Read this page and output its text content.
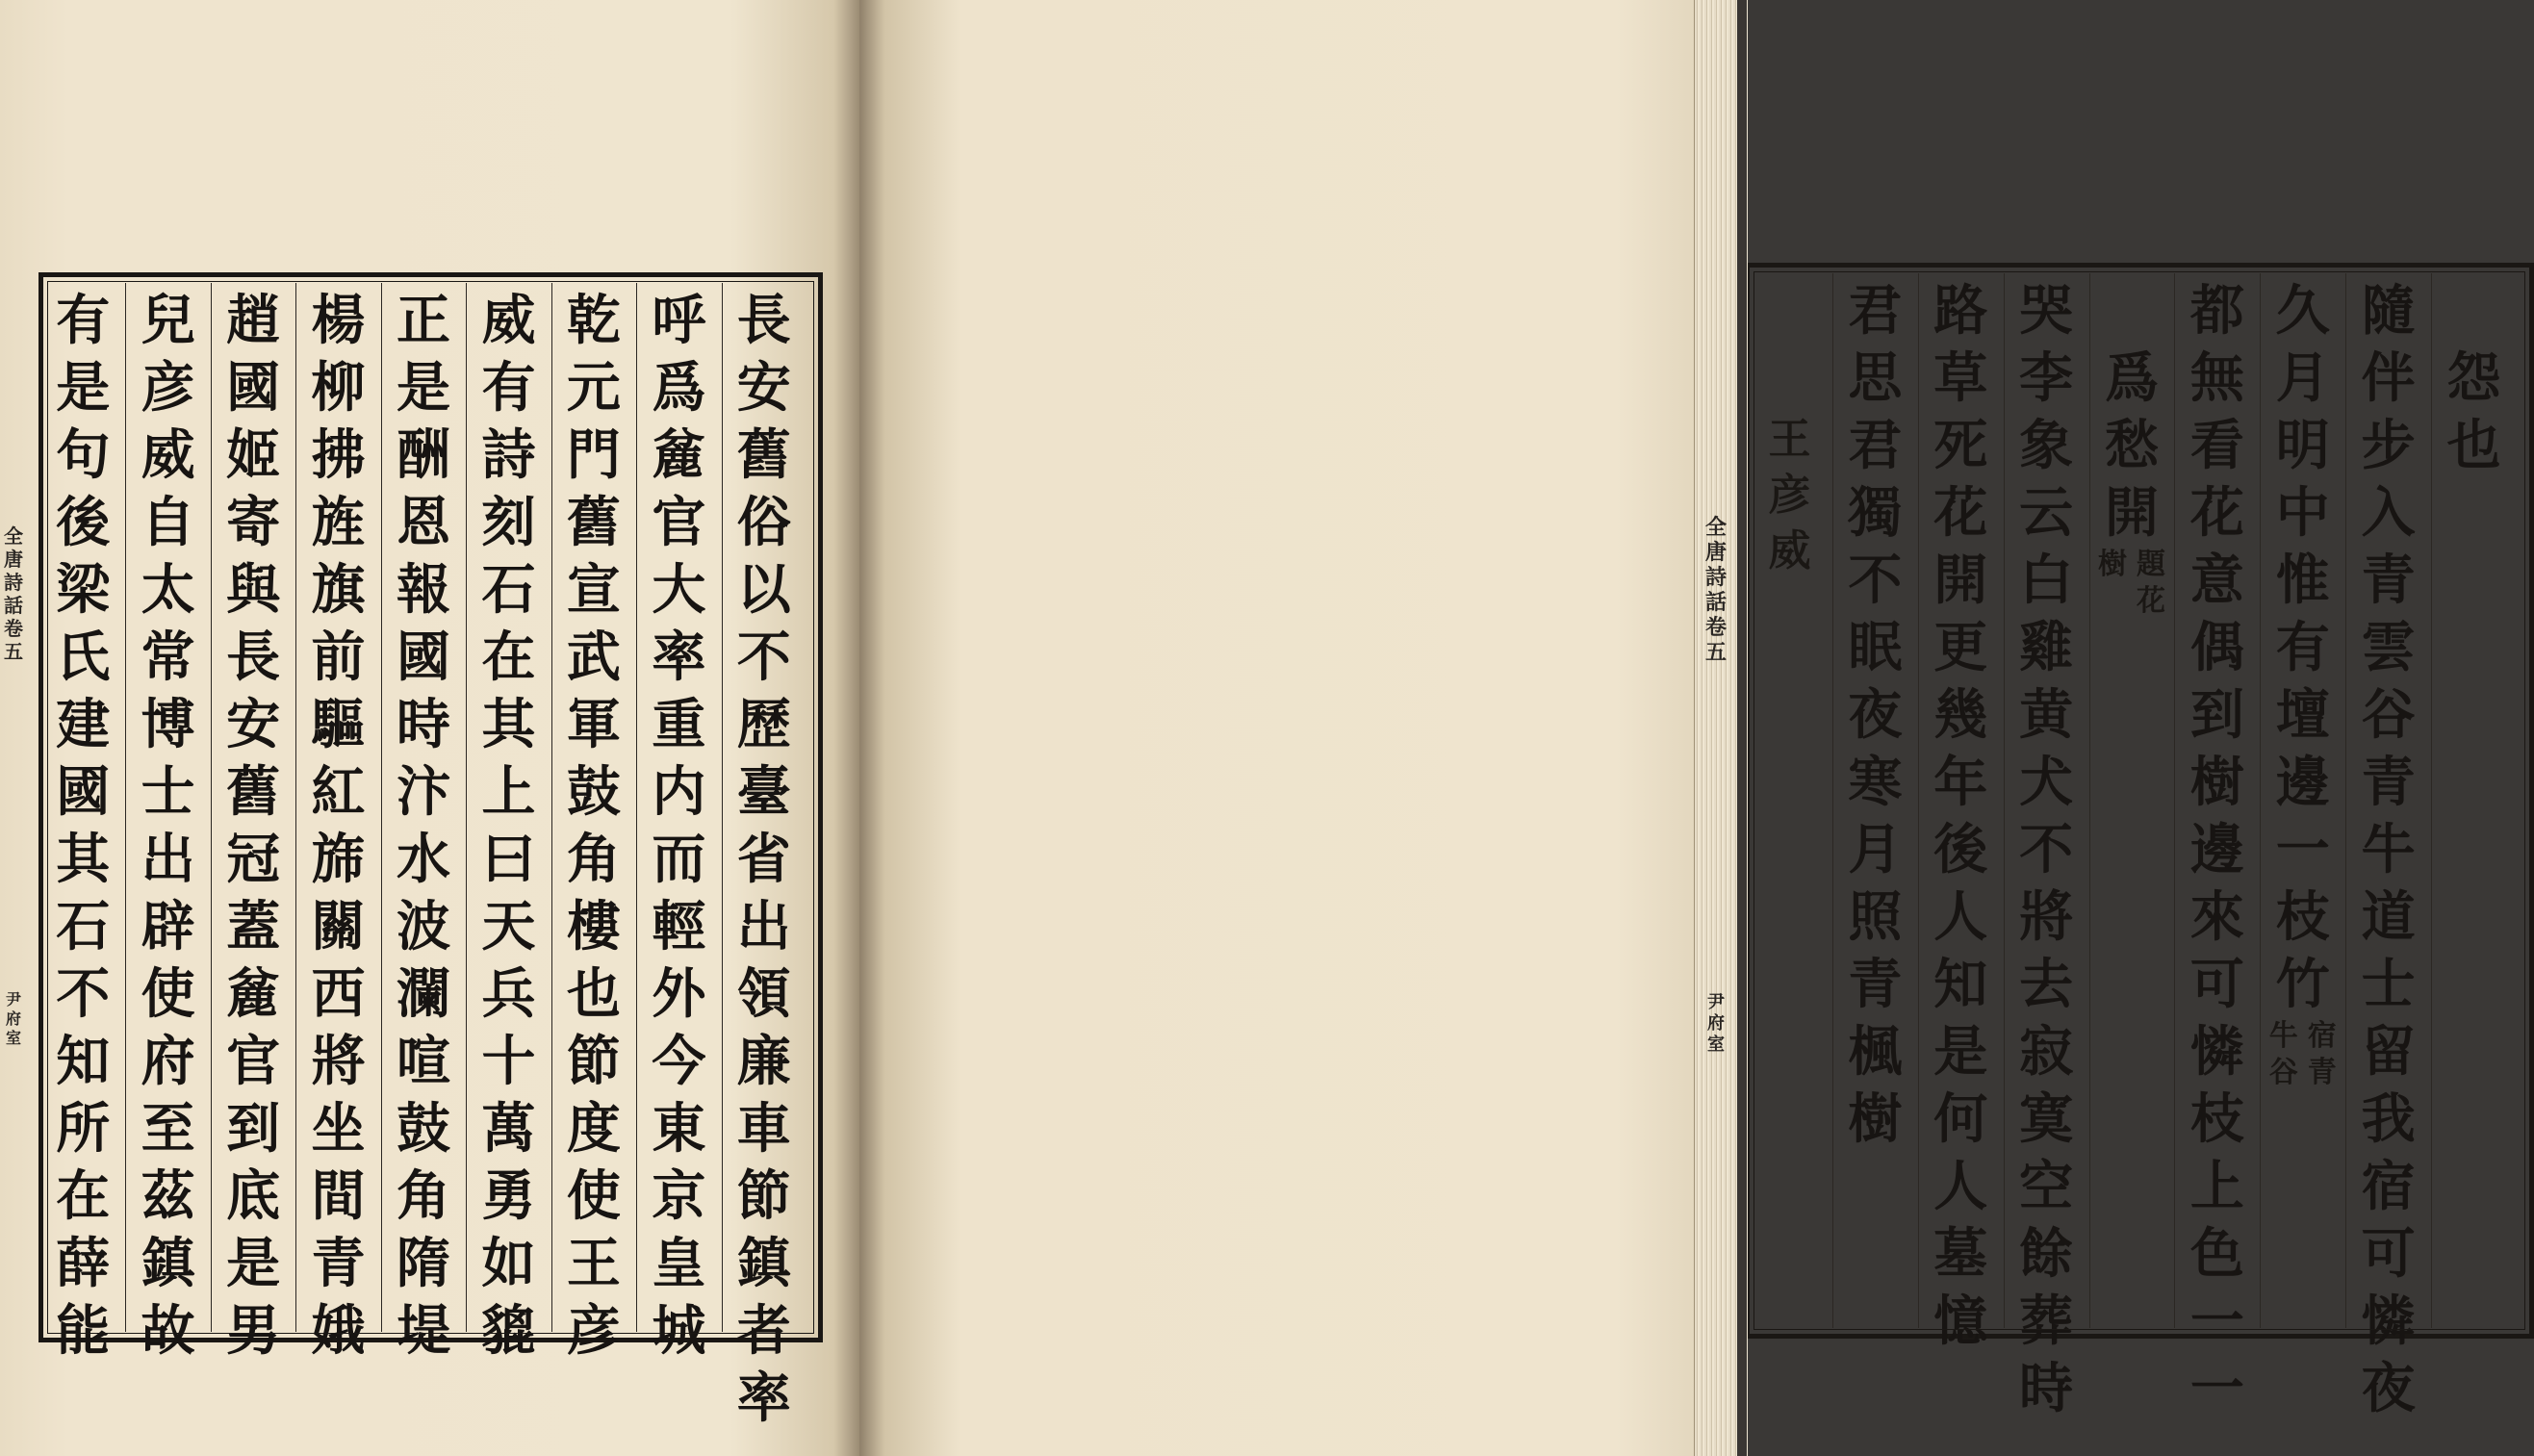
長
安
舊
俗
以
不
歷
臺
省
出
領
廉
車
節
鎮
者
率
呼
爲
麄
官
大
率
重
内
而
輕
外
今
東
京
皇
城
乾
元
門
舊
宣
武
軍
鼓
角
樓
也
節
度
使
王
彦
威
有
詩
刻
石
在
其
上
曰
天
兵
十
萬
勇
如
貔
正
是
酬
恩
報
國
時
汴
水
波
瀾
喧
鼓
角
隋
堤
楊
柳
拂
旌
旗
前
驅
紅
旆
關
西
將
坐
間
青
娥
趙
國
姬
寄
與
長
安
舊
冠
蓋
麄
官
到
底
是
男
兒
彦
威
自
太
常
博
士
出
辟
使
府
至
茲
鎮
故
有
是
句
後
梁
氏
建
國
其
石
不
知
所
在
薛
能
全
唐
詩
話
卷
五
尹
府
室
怨
也
隨
伴
步
入
青
雲
谷
青
牛
道
士
留
我
宿
可
憐
夜
久
月
明
中
惟
有
壇
邊
一
枝
竹
宿
青
牛
谷
都
無
看
花
意
偶
到
樹
邊
來
可
憐
枝
上
色
一
一
爲
愁
開
題
花
樹
哭
李
象
云
白
雞
黄
犬
不
將
去
寂
寞
空
餘
葬
時
路
草
死
花
開
更
幾
年
後
人
知
是
何
人
墓
憶
君
思
君
獨
不
眠
夜
寒
月
照
青
楓
樹
王
彦
威
全
唐
詩
話
卷
五
尹
府
室
